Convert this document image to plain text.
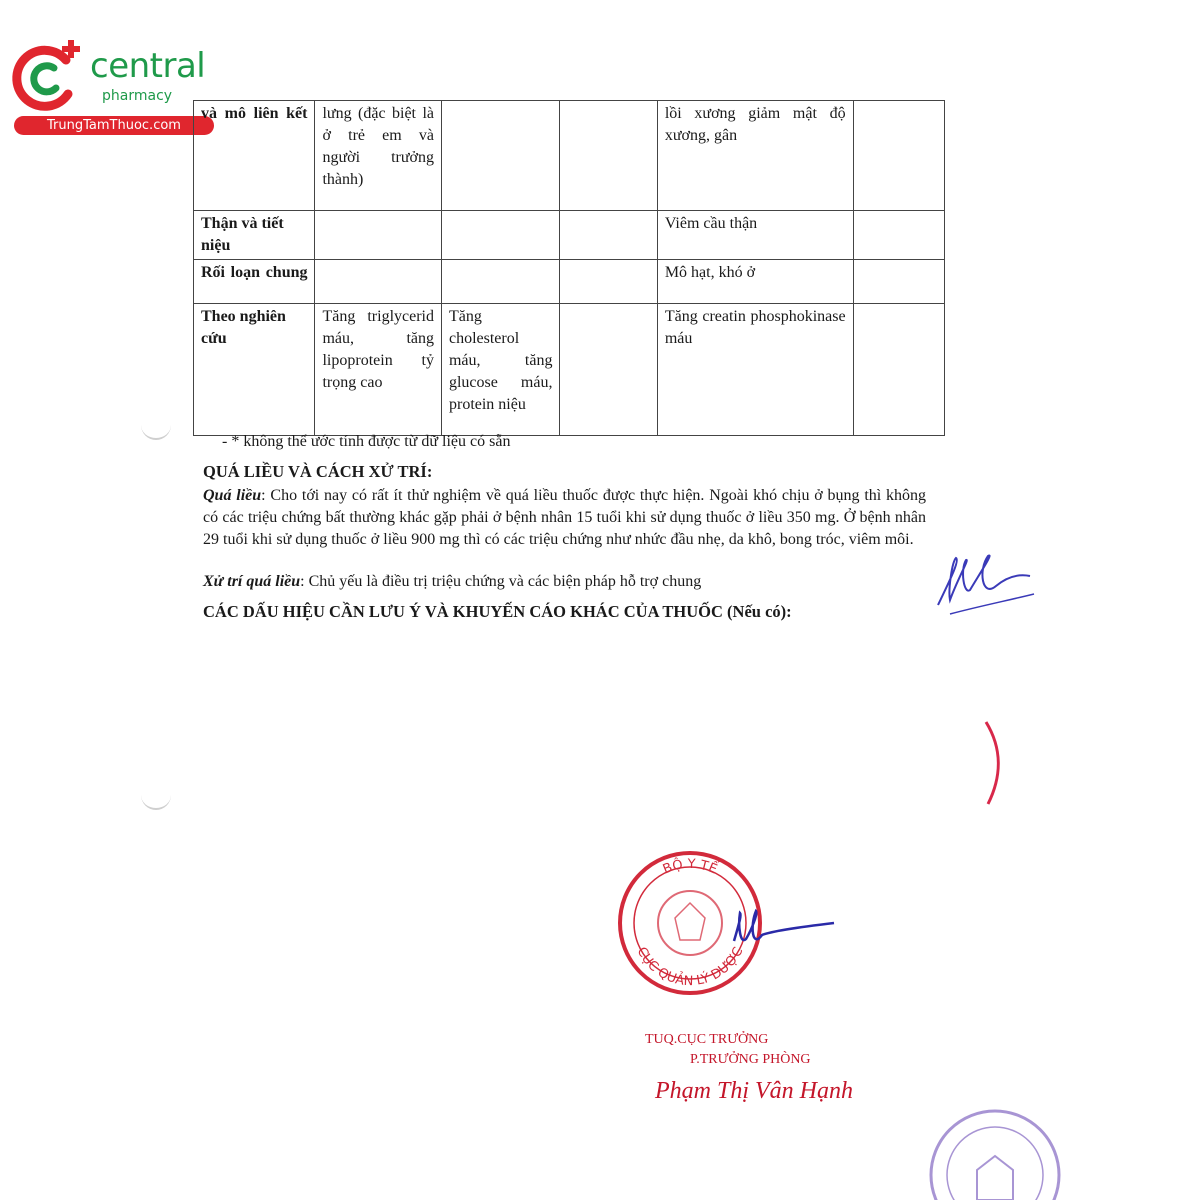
central
pharmacy
TrungTamThuoc.com
và mô liên kết	lưng (đặc biệt là ở trẻ em và người trưởng thành)			lồi xương giảm mật độ xương, gân	
Thận và tiết niệu				Viêm cầu thận	
Rối loạn chung				Mô hạt, khó ở	
Theo nghiên cứu	Tăng triglycerid máu, tăng lipoprotein tỷ trọng cao	Tăng cholesterol máu, tăng glucose máu, protein niệu		Tăng creatin phosphokinase máu	
- * không thể ước tính được từ dữ liệu có sẵn
QUÁ LIỀU VÀ CÁCH XỬ TRÍ:
Quá liều: Cho tới nay có rất ít thử nghiệm về quá liều thuốc được thực hiện. Ngoài khó chịu ở bụng thì không có các triệu chứng bất thường khác gặp phải ở bệnh nhân 15 tuổi khi sử dụng thuốc ở liều 350 mg. Ở bệnh nhân 29 tuổi khi sử dụng thuốc ở liều 900 mg thì có các triệu chứng như nhức đầu nhẹ, da khô, bong tróc, viêm môi.
Xử trí quá liều: Chủ yếu là điều trị triệu chứng và các biện pháp hỗ trợ chung
CÁC DẤU HIỆU CẦN LƯU Ý VÀ KHUYẾN CÁO KHÁC CỦA THUỐC (Nếu có):
BỘ Y TẾ
CỤC QUẢN LÝ DƯỢC
TUQ.CỤC TRƯỞNG
P.TRƯỞNG PHÒNG
Phạm Thị Vân Hạnh
